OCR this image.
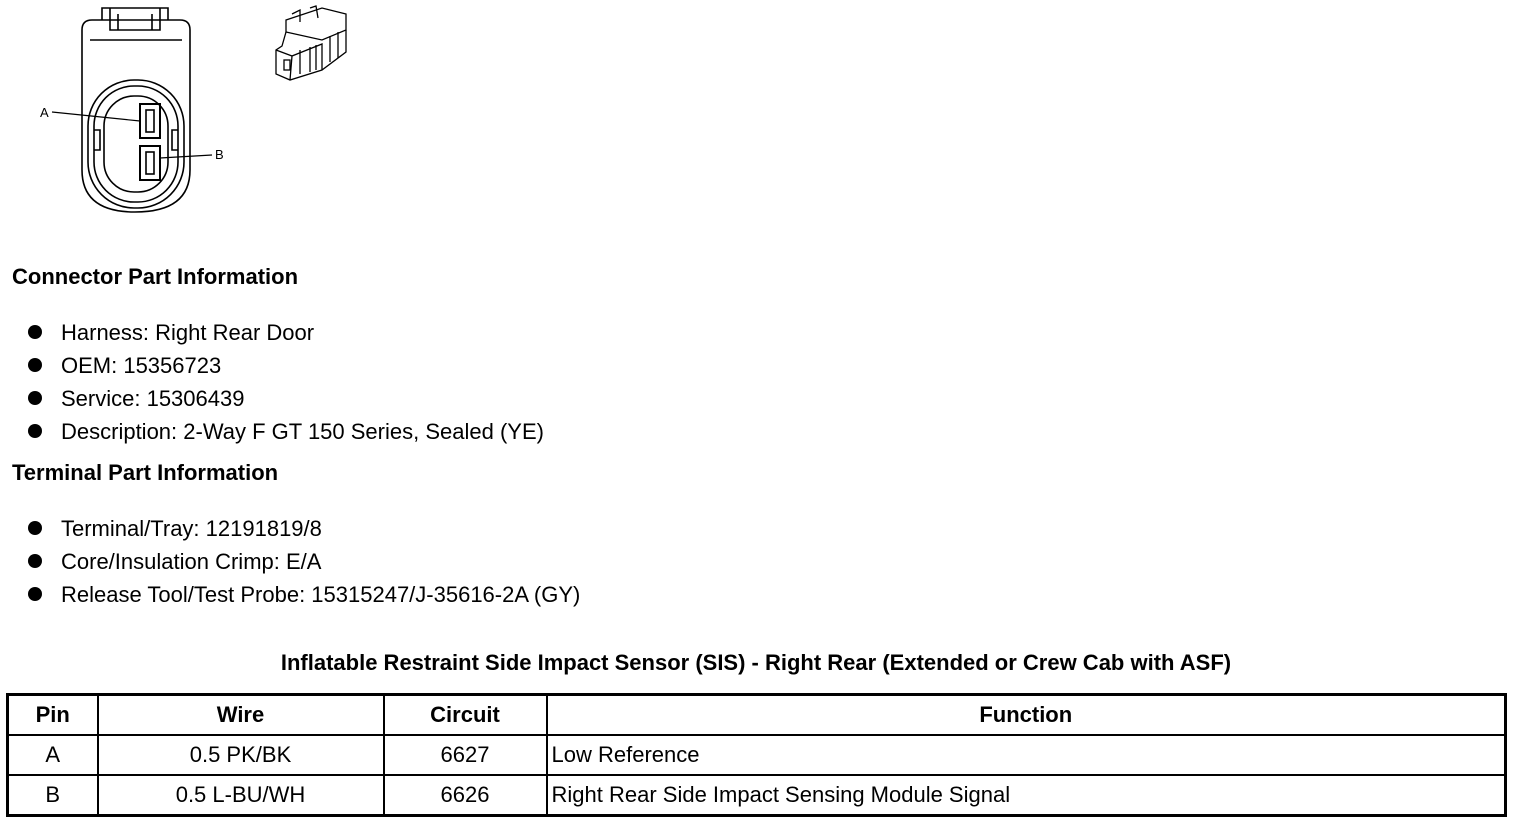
A
B
Connector Part Information
Harness: Right Rear Door
OEM: 15356723
Service: 15306439
Description: 2-Way F GT 150 Series, Sealed (YE)
Terminal Part Information
Terminal/Tray: 12191819/8
Core/Insulation Crimp: E/A
Release Tool/Test Probe: 15315247/J-35616-2A (GY)
Inflatable Restraint Side Impact Sensor (SIS) - Right Rear (Extended or Crew Cab with ASF)
Pin	Wire	Circuit	Function
A	0.5 PK/BK	6627	Low Reference
B	0.5 L-BU/WH	6626	Right Rear Side Impact Sensing Module Signal
